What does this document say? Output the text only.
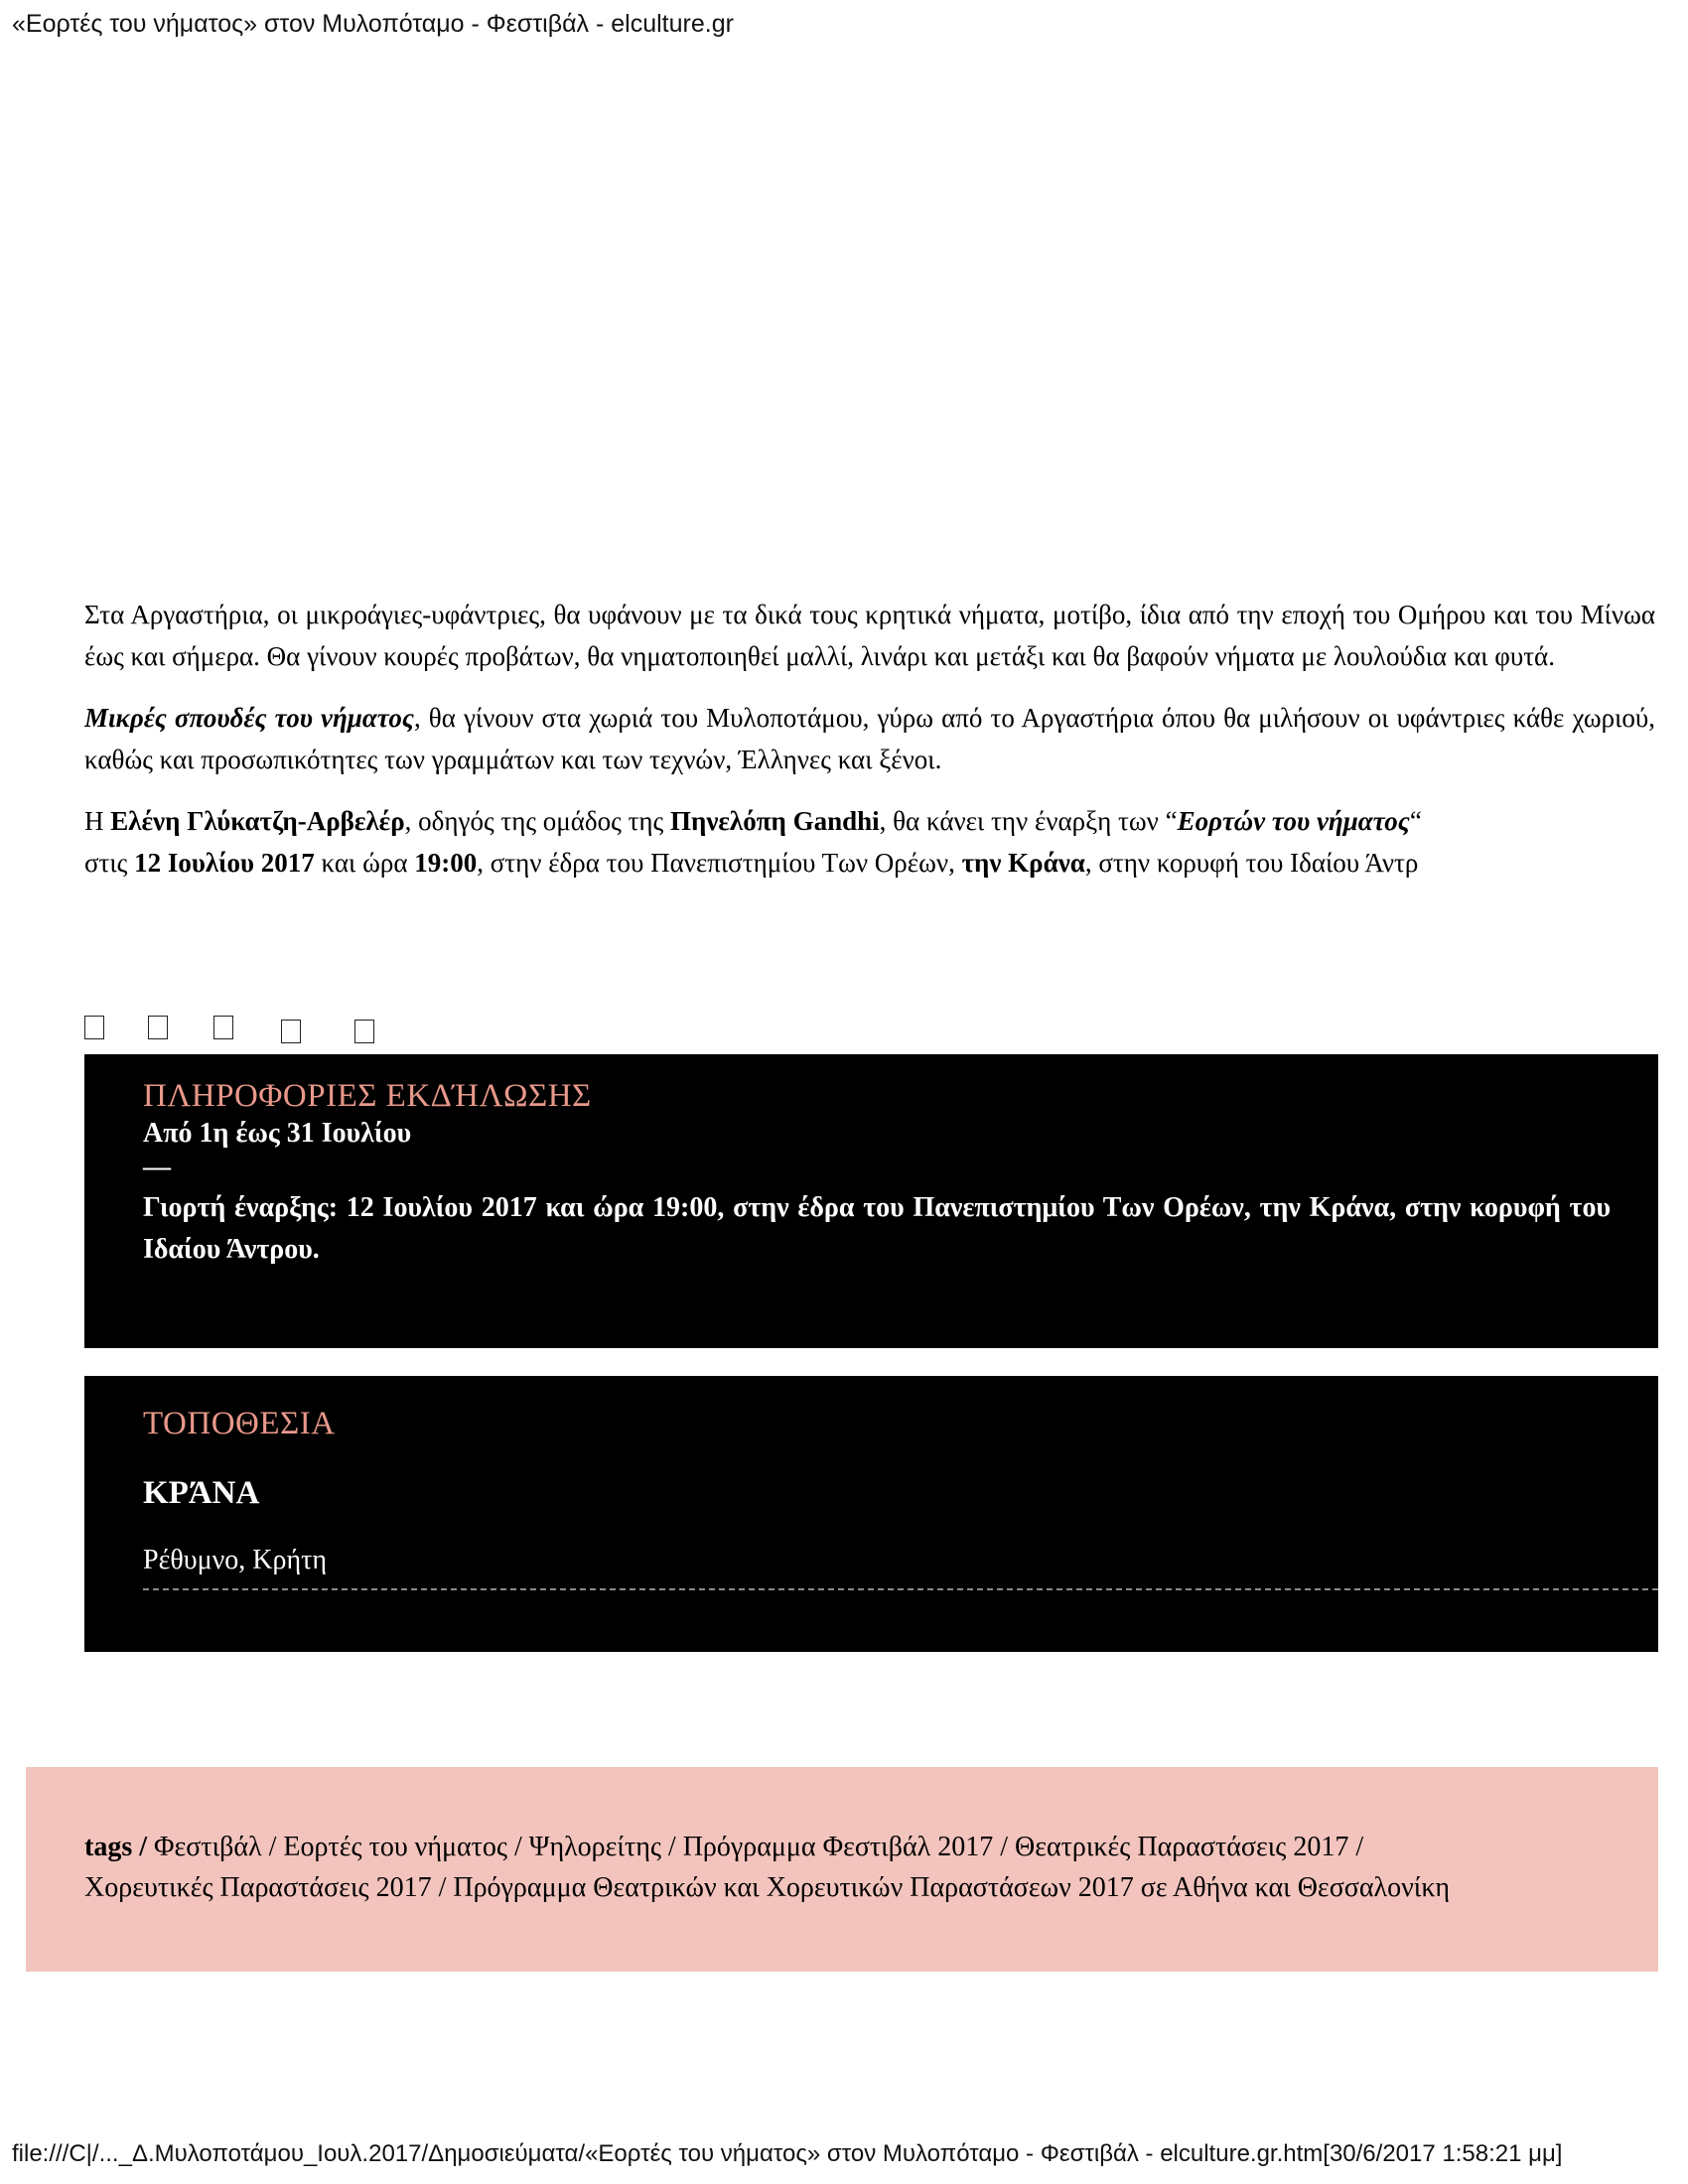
«Εορτές του νήματος» στον Μυλοπόταμο - Φεστιβάλ - elculture.gr

Στα Αργαστήρια, οι μικροάγιες-υφάντριες, θα υφάνουν με τα δικά τους κρητικά νήματα, μοτίβο, ίδια από την εποχή του Ομήρου και του Μίνωα έως και σήμερα. Θα γίνουν κουρές προβάτων, θα νηματοποιηθεί μαλλί, λινάρι και μετάξι και θα βαφούν νήματα με λουλούδια και φυτά.

Μικρές σπουδές του νήματος, θα γίνουν στα χωριά του Μυλοποτάμου, γύρω από το Αργαστήρια όπου θα μιλήσουν οι υφάντριες κάθε χωριού, καθώς και προσωπικότητες των γραμμάτων και των τεχνών, Έλληνες και ξένοι.

Η Ελένη Γλύκατζη-Αρβελέρ, οδηγός της ομάδος της Πηνελόπη Gandhi, θα κάνει την έναρξη των “Εορτών του νήματος“

στις 12 Ιουλίου 2017 και ώρα 19:00, στην έδρα του Πανεπιστημίου Των Ορέων, την Κράνα, στην κορυφή του Ιδαίου Άντρ

ΠΛΗΡΟΦΟΡΙΕΣ ΕΚΔΉΛΩΣΗΣ
Από 1η έως 31 Ιουλίου
—
Γιορτή έναρξης: 12 Ιουλίου 2017 και ώρα 19:00, στην έδρα του Πανεπιστημίου Των Ορέων, την Κράνα, στην κορυφή του Ιδαίου Άντρου.
ΤΟΠΟΘΕΣΙΑ
ΚΡΆΝΑ
Ρέθυμνο, Κρήτη
tags / Φεστιβάλ / Εορτές του νήματος / Ψηλορείτης / Πρόγραμμα Φεστιβάλ 2017 / Θεατρικές Παραστάσεις 2017 /
Χορευτικές Παραστάσεις 2017 / Πρόγραμμα Θεατρικών και Χορευτικών Παραστάσεων 2017 σε Αθήνα και Θεσσαλονίκη
file:///C|/..._Δ.Μυλοποτάμου_Ιουλ.2017/Δημοσιεύματα/«Εορτές του νήματος» στον Μυλοπόταμο - Φεστιβάλ - elculture.gr.htm[30/6/2017 1:58:21 μμ]
